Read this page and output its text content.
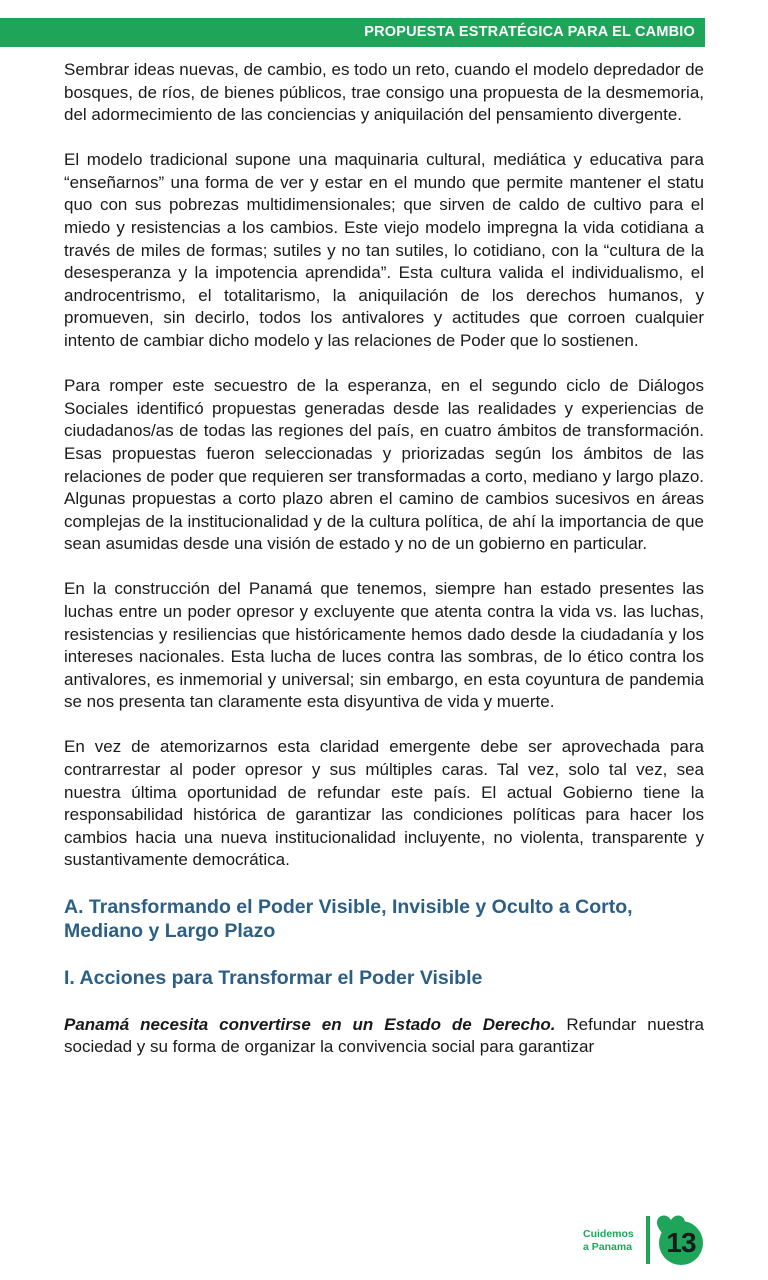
PROPUESTA ESTRATÉGICA PARA EL CAMBIO

Sembrar ideas nuevas, de cambio, es todo un reto, cuando el modelo depredador de bosques, de ríos, de bienes públicos, trae consigo una propuesta de la desmemoria, del adormecimiento de las conciencias y aniquilación del pensamiento divergente.

El modelo tradicional supone una maquinaria cultural, mediática y educativa para “enseñarnos” una forma de ver y estar en el mundo que permite mantener el statu quo con sus pobrezas multidimensionales; que sirven de caldo de cultivo para el miedo y resistencias a los cambios. Este viejo modelo impregna la vida cotidiana a través de miles de formas; sutiles y no tan sutiles, lo cotidiano, con la “cultura de la desesperanza y la impotencia aprendida”. Esta cultura valida el individualismo, el androcentrismo, el totalitarismo, la aniquilación de los derechos humanos, y promueven, sin decirlo, todos los antivalores y actitudes que corroen cualquier intento de cambiar dicho modelo y las relaciones de Poder que lo sostienen.

Para romper este secuestro de la esperanza, en el segundo ciclo de Diálogos Sociales identificó propuestas generadas desde las realidades y experiencias de ciudadanos/as de todas las regiones del país, en cuatro ámbitos de transformación. Esas propuestas fueron seleccionadas y priorizadas según los ámbitos de las relaciones de poder que requieren ser transformadas a corto, mediano y largo plazo. Algunas propuestas a corto plazo abren el camino de cambios sucesivos en áreas complejas de la institucionalidad y de la cultura política, de ahí la importancia de que sean asumidas desde una visión de estado y no de un gobierno en particular.

En la construcción del Panamá que tenemos, siempre han estado presentes las luchas entre un poder opresor y excluyente que atenta contra la vida vs. las luchas, resistencias y resiliencias que históricamente hemos dado desde la ciudadanía y los intereses nacionales. Esta lucha de luces contra las sombras, de lo ético contra los antivalores, es inmemorial y universal; sin embargo, en esta coyuntura de pandemia se nos presenta tan claramente esta disyuntiva de vida y muerte.

En vez de atemorizarnos esta claridad emergente debe ser aprovechada para contrarrestar al poder opresor y sus múltiples caras. Tal vez, solo tal vez, sea nuestra última oportunidad de refundar este país. El actual Gobierno tiene la responsabilidad histórica de garantizar las condiciones políticas para hacer los cambios hacia una nueva institucionalidad incluyente, no violenta, transparente y sustantivamente democrática.

A. Transformando el Poder Visible, Invisible y Oculto a Corto, Mediano y Largo Plazo
I. Acciones para Transformar el Poder Visible

Panamá necesita convertirse en un Estado de Derecho. Refundar nuestra sociedad y su forma de organizar la convivencia social para garantizar

Cuidemos
a Panama 13
